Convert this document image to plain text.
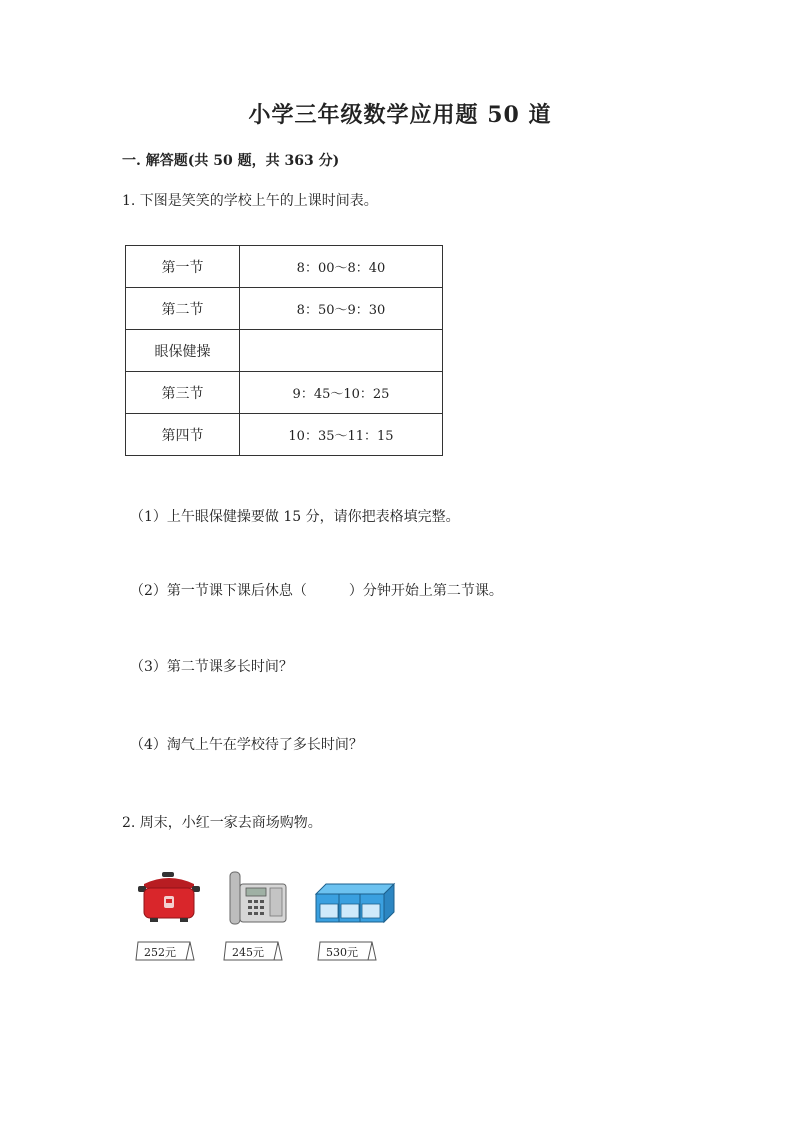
小学三年级数学应用题 50 道
一. 解答题(共 50 题，共 363 分)
1. 下图是笑笑的学校上午的上课时间表。
第一节	8：00～8：40
第二节	8：50～9：30
眼保健操	
第三节	9：45～10：25
第四节	10：35～11：15
（1）上午眼保健操要做 15 分，请你把表格填完整。
（2）第一节课下课后休息（　　　）分钟开始上第二节课。
（3）第二节课多长时间？
（4）淘气上午在学校待了多长时间？
2. 周末，小红一家去商场购物。
252元	245元	530元
